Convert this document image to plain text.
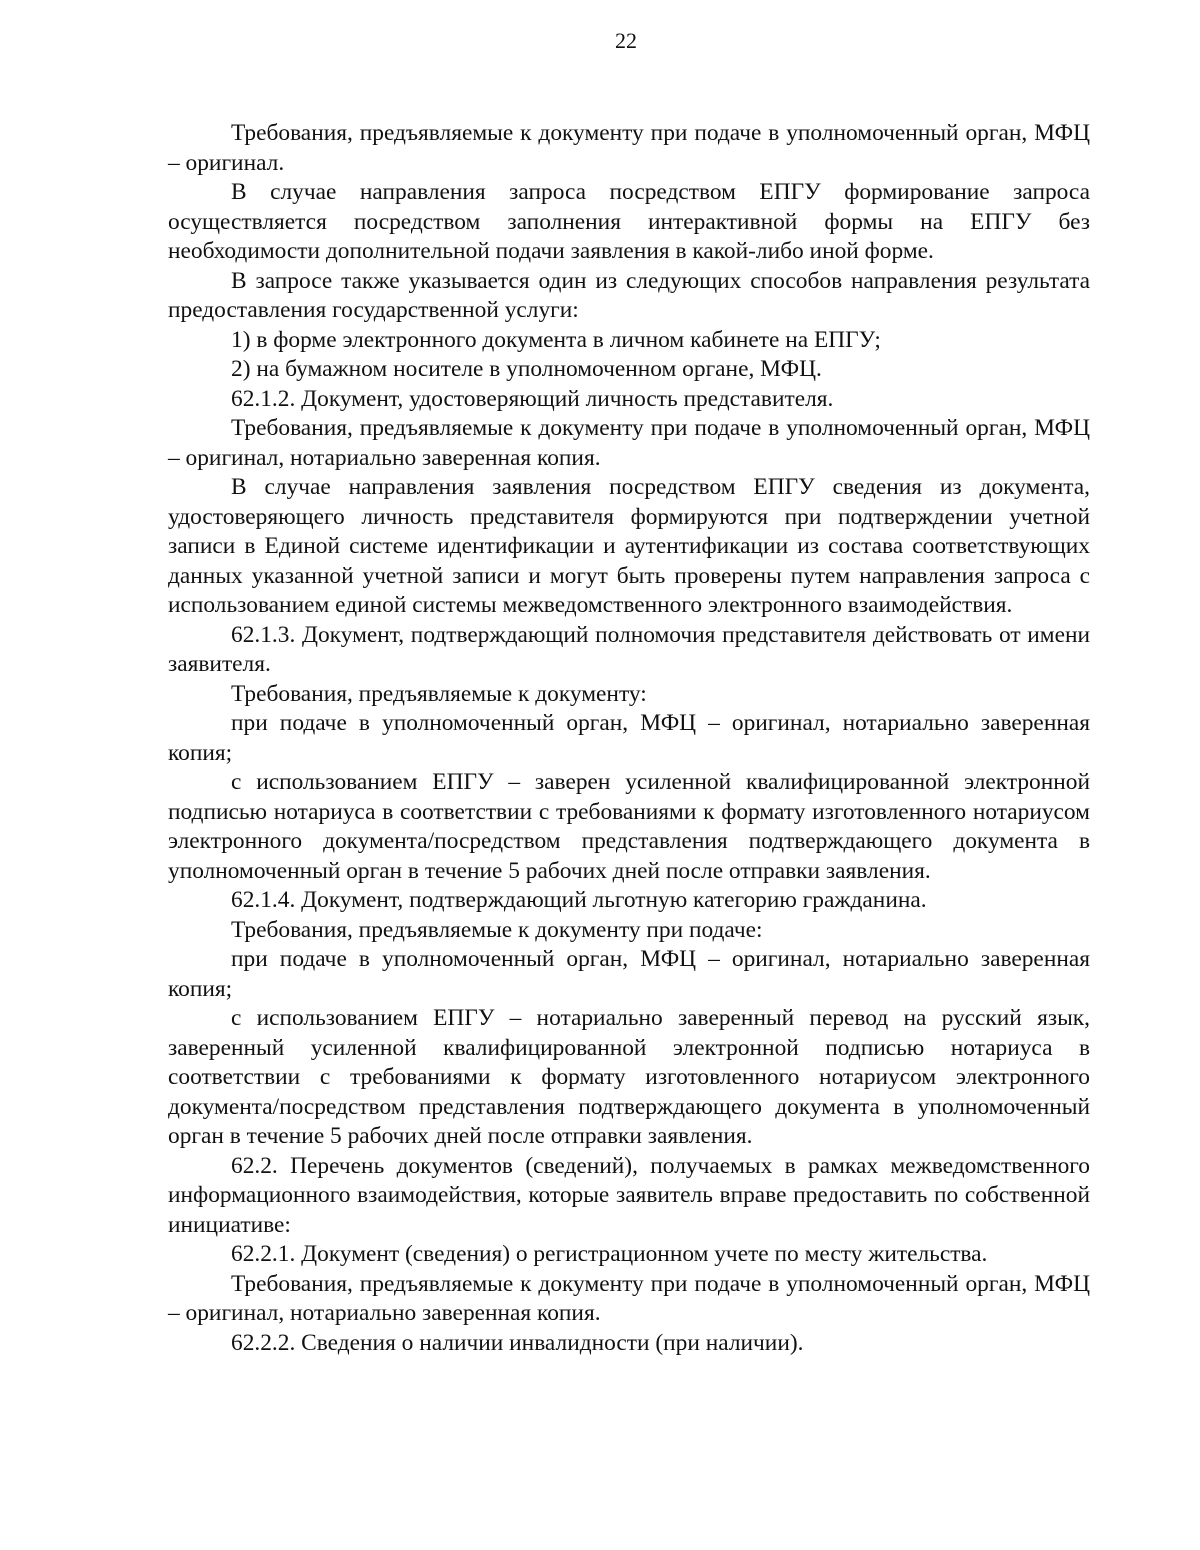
22

Требования, предъявляемые к документу при подаче в уполномоченный орган, МФЦ – оригинал.

В случае направления запроса посредством ЕПГУ формирование запроса осуществляется посредством заполнения интерактивной формы на ЕПГУ без необходимости дополнительной подачи заявления в какой-либо иной форме.

В запросе также указывается один из следующих способов направления результата предоставления государственной услуги:

1) в форме электронного документа в личном кабинете на ЕПГУ;

2) на бумажном носителе в уполномоченном органе, МФЦ.

62.1.2. Документ, удостоверяющий личность представителя.

Требования, предъявляемые к документу при подаче в уполномоченный орган, МФЦ – оригинал, нотариально заверенная копия.

В случае направления заявления посредством ЕПГУ сведения из документа, удостоверяющего личность представителя формируются при подтверждении учетной записи в Единой системе идентификации и аутентификации из состава соответствующих данных указанной учетной записи и могут быть проверены путем направления запроса с использованием единой системы межведомственного электронного взаимодействия.

62.1.3. Документ, подтверждающий полномочия представителя действовать от имени заявителя.

Требования, предъявляемые к документу:

при подаче в уполномоченный орган, МФЦ – оригинал, нотариально заверенная копия;

с использованием ЕПГУ – заверен усиленной квалифицированной электронной подписью нотариуса в соответствии с требованиями к формату изготовленного нотариусом электронного документа/посредством представления подтверждающего документа в уполномоченный орган в течение 5 рабочих дней после отправки заявления.

62.1.4. Документ, подтверждающий льготную категорию гражданина.

Требования, предъявляемые к документу при подаче:

при подаче в уполномоченный орган, МФЦ – оригинал, нотариально заверенная копия;

с использованием ЕПГУ – нотариально заверенный перевод на русский язык, заверенный усиленной квалифицированной электронной подписью нотариуса в соответствии с требованиями к формату изготовленного нотариусом электронного документа/посредством представления подтверждающего документа в уполномоченный орган в течение 5 рабочих дней после отправки заявления.

62.2. Перечень документов (сведений), получаемых в рамках межведомственного информационного взаимодействия, которые заявитель вправе предоставить по собственной инициативе:

62.2.1. Документ (сведения) о регистрационном учете по месту жительства.

Требования, предъявляемые к документу при подаче в уполномоченный орган, МФЦ – оригинал, нотариально заверенная копия.

62.2.2. Сведения о наличии инвалидности (при наличии).
